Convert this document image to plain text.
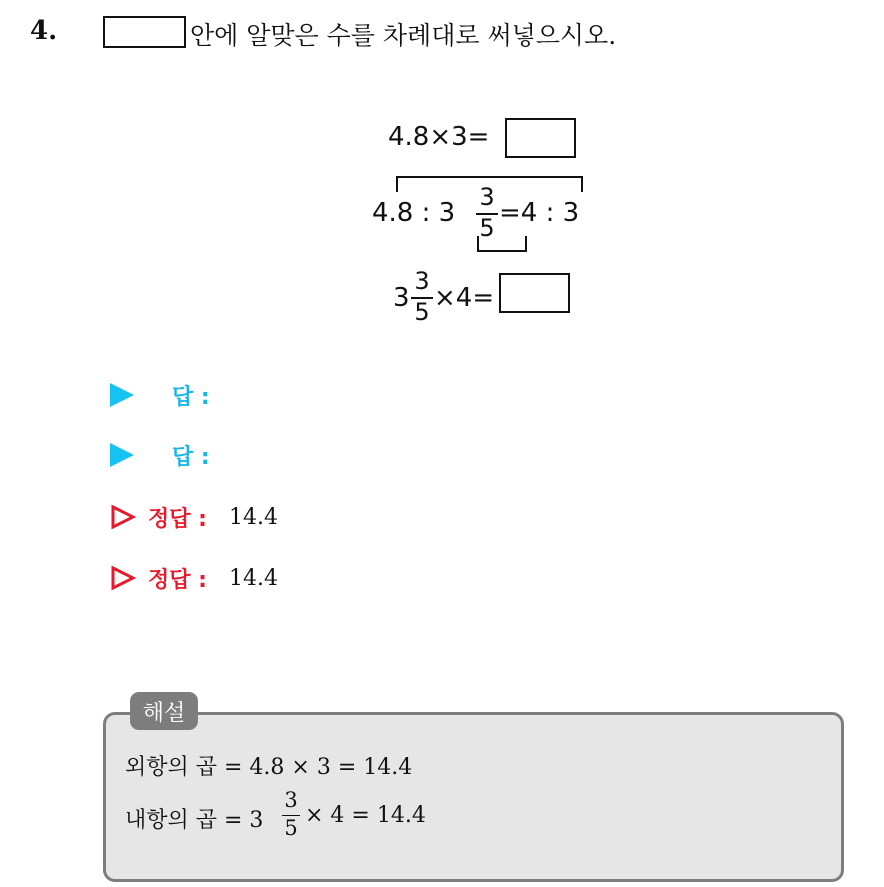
4.	안에 알맞은 수를 차례대로 써넣으시오.
4.8×3=
4.8 : 3
3
5 =4 : 3
3
3
5 ×4=
답 :
답 :
정답 : 14.4
정답 : 14.4
해설
외항의 곱 = 4.8 × 3 = 14.4
내항의 곱 = 3
3
5 × 4 = 14.4
